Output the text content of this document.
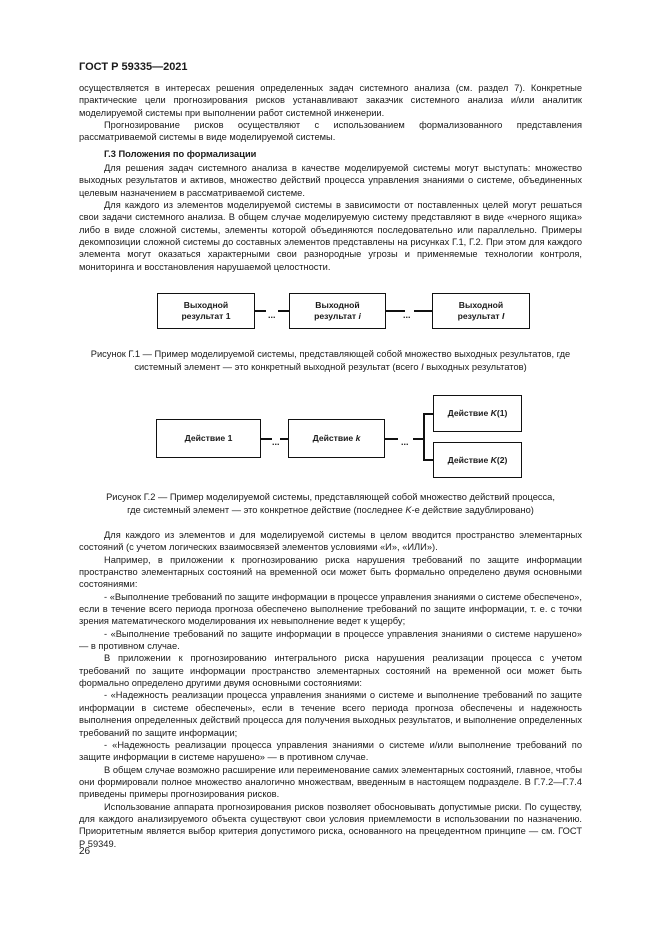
ГОСТ Р 59335—2021

осуществляется в интересах решения определенных задач системного анализа (см. раздел 7). Конкретные практические цели прогнозирования рисков устанавливают заказчик системного анализа и/или аналитик моделируемой системы при выполнении работ системной инженерии.

Прогнозирование рисков осуществляют с использованием формализованного представления рассматриваемой системы в виде моделируемой системы.

Г.3 Положения по формализации

Для решения задач системного анализа в качестве моделируемой системы могут выступать: множество выходных результатов и активов, множество действий процесса управления знаниями о системе, объединенных целевым назначением в рассматриваемой системе.

Для каждого из элементов моделируемой системы в зависимости от поставленных целей могут решаться свои задачи системного анализа. В общем случае моделируемую систему представляют в виде «черного ящика» либо в виде сложной системы, элементы которой объединяются последовательно или параллельно. Примеры декомпозиции сложной системы до составных элементов представлены на рисунках Г.1, Г.2. При этом для каждого элемента могут оказаться характерными свои разнородные угрозы и применяемые технологии контроля, мониторинга и восстановления нарушаемой целостности.

Выходной
результат 1	...
Выходной
результат i	...
Выходной
результат I
Рисунок Г.1 — Пример моделируемой системы, представляющей собой множество выходных результатов, где
системный элемент — это конкретный выходной результат (всего I выходных результатов)
Действие 1	...	Действие k	...
Действие K(1)
Действие K(2)
Рисунок Г.2 — Пример моделируемой системы, представляющей собой множество действий процесса,
где системный элемент — это конкретное действие (последнее K-е действие задублировано)

Для каждого из элементов и для моделируемой системы в целом вводится пространство элементарных состояний (с учетом логических взаимосвязей элементов условиями «И», «ИЛИ»).

Например, в приложении к прогнозированию риска нарушения требований по защите информации пространство элементарных состояний на временной оси может быть формально определено двумя основными состояниями:

- «Выполнение требований по защите информации в процессе управления знаниями о системе обеспечено», если в течение всего периода прогноза обеспечено выполнение требований по защите информации, т. е. с точки зрения математического моделирования их невыполнение ведет к ущербу;

- «Выполнение требований по защите информации в процессе управления знаниями о системе нарушено» — в противном случае.

В приложении к прогнозированию интегрального риска нарушения реализации процесса с учетом требований по защите информации пространство элементарных состояний на временной оси может быть формально определено другими двумя основными состояниями:

- «Надежность реализации процесса управления знаниями о системе и выполнение требований по защите информации в системе обеспечены», если в течение всего периода прогноза обеспечены и надежность выполнения определенных действий процесса для получения выходных результатов, и выполнение определенных требований по защите информации;

- «Надежность реализации процесса управления знаниями о системе и/или выполнение требований по защите информации в системе нарушено» — в противном случае.

В общем случае возможно расширение или переименование самих элементарных состояний, главное, чтобы они формировали полное множество аналогично множествам, введенным в настоящем подразделе. В Г.7.2—Г.7.4 приведены примеры прогнозирования рисков.

Использование аппарата прогнозирования рисков позволяет обосновывать допустимые риски. По существу, для каждого анализируемого объекта существуют свои условия приемлемости в использовании по назначению. Приоритетным является выбор критерия допустимого риска, основанного на прецедентном принципе — см. ГОСТ Р 59349.

26
